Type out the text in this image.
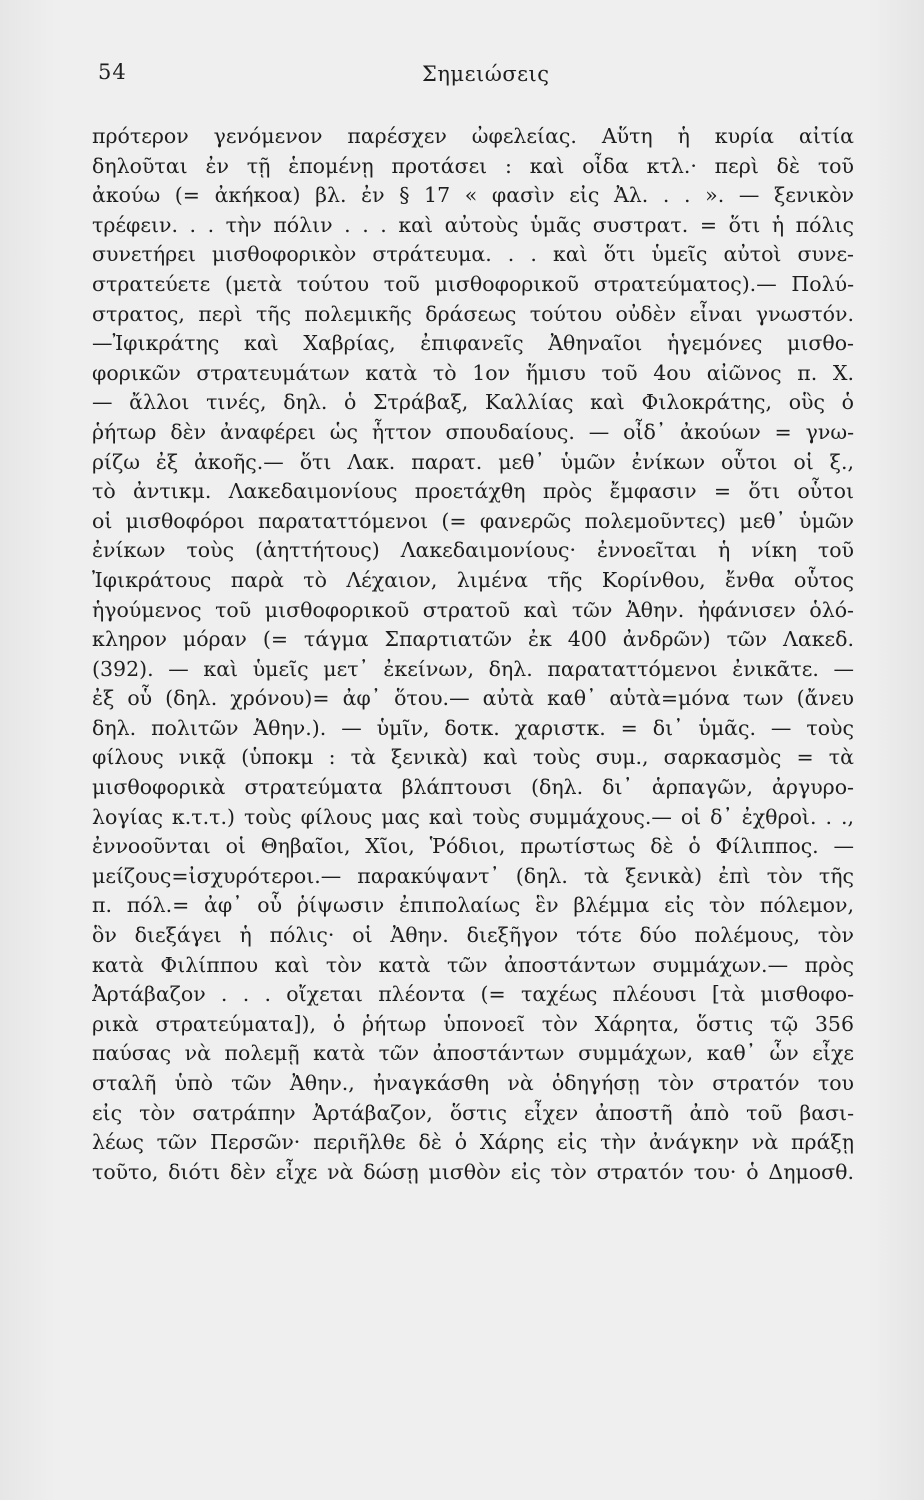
54	Σημειώσεις
πρότερον γενόμενον παρέσχεν ὠφελείας. Αὕτη ἡ κυρία αἰτία
δηλοῦται ἐν τῇ ἑπομένῃ προτάσει : καὶ οἶδα κτλ.· περὶ δὲ τοῦ
ἀκούω (= ἀκήκοα) βλ. ἐν § 17 « φασὶν εἰς Ἀλ. . . ». — ξενικὸν
τρέφειν. . . τὴν πόλιν . . . καὶ αὐτοὺς ὑμᾶς συστρατ. = ὅτι ἡ πόλις
συνετήρει μισθοφορικὸν στράτευμα. . . καὶ ὅτι ὑμεῖς αὐτοὶ συνε-
στρατεύετε (μετὰ τούτου τοῦ μισθοφορικοῦ στρατεύματος).— Πολύ-
στρατος, περὶ τῆς πολεμικῆς δράσεως τούτου οὐδὲν εἶναι γνωστόν.
—Ἰφικράτης καὶ Χαβρίας, ἐπιφανεῖς Ἀθηναῖοι ἡγεμόνες μισθο-
φορικῶν στρατευμάτων κατὰ τὸ 1ον ἥμισυ τοῦ 4ου αἰῶνος π. Χ.
— ἄλλοι τινές, δηλ. ὁ Στράβαξ, Καλλίας καὶ Φιλοκράτης, οὓς ὁ
ῥήτωρ δὲν ἀναφέρει ὡς ἧττον σπουδαίους. — οἶδ᾽ ἀκούων = γνω-
ρίζω ἐξ ἀκοῆς.— ὅτι Λακ. παρατ. μεθ᾽ ὑμῶν ἐνίκων οὗτοι οἱ ξ.,
τὸ ἀντικμ. Λακεδαιμονίους προετάχθη πρὸς ἔμφασιν = ὅτι οὗτοι
οἱ μισθοφόροι παραταττόμενοι (= φανερῶς πολεμοῦντες) μεθ᾽ ὑμῶν
ἐνίκων τοὺς (ἀηττήτους) Λακεδαιμονίους· ἐννοεῖται ἡ νίκη τοῦ
Ἰφικράτους παρὰ τὸ Λέχαιον, λιμένα τῆς Κορίνθου, ἔνθα οὗτος
ἡγούμενος τοῦ μισθοφορικοῦ στρατοῦ καὶ τῶν Ἀθην. ἠφάνισεν ὁλό-
κληρον μόραν (= τάγμα Σπαρτιατῶν ἐκ 400 ἀνδρῶν) τῶν Λακεδ.
(392). — καὶ ὑμεῖς μετ᾽ ἐκείνων, δηλ. παραταττόμενοι ἐνικᾶτε. —
ἐξ οὗ (δηλ. χρόνου)= ἀφ᾽ ὅτου.— αὐτὰ καθ᾽ αὑτὰ=μόνα των (ἄνευ
δηλ. πολιτῶν Ἀθην.). — ὑμῖν, δοτκ. χαριστκ. = δι᾽ ὑμᾶς. — τοὺς
φίλους νικᾷ (ὑποκμ : τὰ ξενικὰ) καὶ τοὺς συμ., σαρκασμὸς = τὰ
μισθοφορικὰ στρατεύματα βλάπτουσι (δηλ. δι᾽ ἁρπαγῶν, ἀργυρο-
λογίας κ.τ.τ.) τοὺς φίλους μας καὶ τοὺς συμμάχους.— οἱ δ᾽ ἐχθροὶ. . .,
ἐννοοῦνται οἱ Θηβαῖοι, Χῖοι, Ῥόδιοι, πρωτίστως δὲ ὁ Φίλιππος. —
μείζους=ἰσχυρότεροι.— παρακύψαντ᾽ (δηλ. τὰ ξενικὰ) ἐπὶ τὸν τῆς
π. πόλ.= ἀφ᾽ οὗ ῥίψωσιν ἐπιπολαίως ἓν βλέμμα εἰς τὸν πόλεμον,
ὃν διεξάγει ἡ πόλις· οἱ Ἀθην. διεξῆγον τότε δύο πολέμους, τὸν
κατὰ Φιλίππου καὶ τὸν κατὰ τῶν ἀποστάντων συμμάχων.— πρὸς
Ἀρτάβαζον . . . οἴχεται πλέοντα (= ταχέως πλέουσι [τὰ μισθοφο-
ρικὰ στρατεύματα]), ὁ ῥήτωρ ὑπονοεῖ τὸν Χάρητα, ὅστις τῷ 356
παύσας νὰ πολεμῇ κατὰ τῶν ἀποστάντων συμμάχων, καθ᾽ ὧν εἶχε
σταλῆ ὑπὸ τῶν Ἀθην., ἠναγκάσθη νὰ ὁδηγήσῃ τὸν στρατόν του
εἰς τὸν σατράπην Ἀρτάβαζον, ὅστις εἶχεν ἀποστῆ ἀπὸ τοῦ βασι-
λέως τῶν Περσῶν· περιῆλθε δὲ ὁ Χάρης εἰς τὴν ἀνάγκην νὰ πράξῃ
τοῦτο, διότι δὲν εἶχε νὰ δώσῃ μισθὸν εἰς τὸν στρατόν του· ὁ Δημοσθ.
